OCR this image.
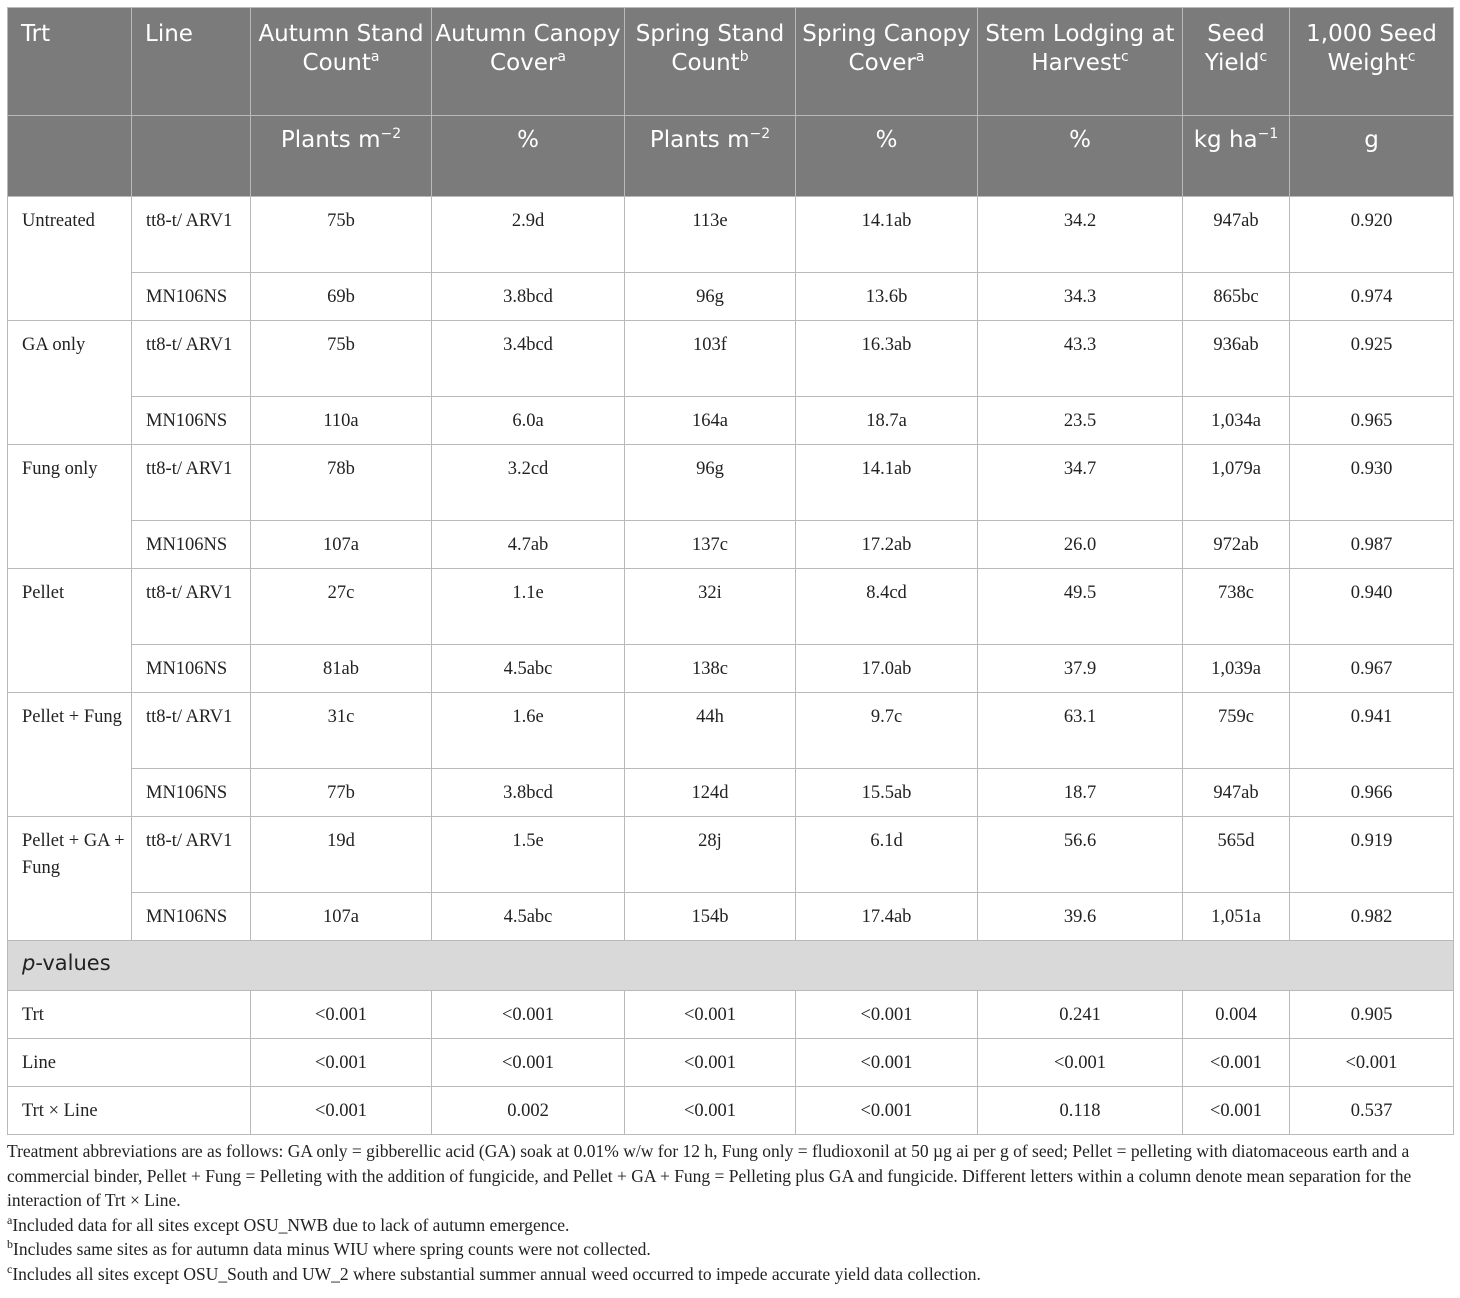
Trt	Line	Autumn Stand Count$^a$	Autumn Canopy Cover$^a$	Spring Stand Count$^b$	Spring Canopy Cover$^a$	Stem Lodging at Harvest$^c$	Seed Yield$^c$	1,000 Seed Weight$^c$
		Plants $m^{-2}$	%	Plants $m^{-2}$	%	%	kg $ha^{-1}$	g
Untreated	tt8-t/ ARV1	75b	2.9d	113e	14.1ab	34.2	947ab	0.920
	MN106NS	69b	3.8bcd	96g	13.6b	34.3	865bc	0.974
GA only	tt8-t/ ARV1	75b	3.4bcd	103f	16.3ab	43.3	936ab	0.925
	MN106NS	110a	6.0a	164a	18.7a	23.5	1,034a	0.965
Fung only	tt8-t/ ARV1	78b	3.2cd	96g	14.1ab	34.7	1,079a	0.930
	MN106NS	107a	4.7ab	137c	17.2ab	26.0	972ab	0.987
Pellet	tt8-t/ ARV1	27c	1.1e	32i	8.4cd	49.5	738c	0.940
	MN106NS	81ab	4.5abc	138c	17.0ab	37.9	1,039a	0.967
Pellet + Fung	tt8-t/ ARV1	31c	1.6e	44h	9.7c	63.1	759c	0.941
	MN106NS	77b	3.8bcd	124d	15.5ab	18.7	947ab	0.966
Pellet + GA + Fung	tt8-t/ ARV1	19d	1.5e	28j	6.1d	56.6	565d	0.919
	MN106NS	107a	4.5abc	154b	17.4ab	39.6	1,051a	0.982
p-values								
Trt		<0.001	<0.001	<0.001	<0.001	0.241	0.004	0.905
Line		<0.001	<0.001	<0.001	<0.001	<0.001	<0.001	<0.001
Trt × Line		<0.001	0.002	<0.001	<0.001	0.118	<0.001	0.537

Treatment abbreviations are as follows: GA only = gibberellic acid (GA) soak at 0.01% w/w for 12 h, Fung only = fludioxonil at 50 µg ai per g of seed; Pellet = pelleting with diatomaceous earth and a commercial binder, Pellet + Fung = Pelleting with the addition of fungicide, and Pellet + GA + Fung = Pelleting plus GA and fungicide. Different letters within a column denote mean separation for the interaction of Trt × Line.

$^a$Included data for all sites except OSU_NWB due to lack of autumn emergence.

$^b$Includes same sites as for autumn data minus WIU where spring counts were not collected.

$^c$Includes all sites except OSU_South and UW_2 where substantial summer annual weed occurred to impede accurate yield data collection.
